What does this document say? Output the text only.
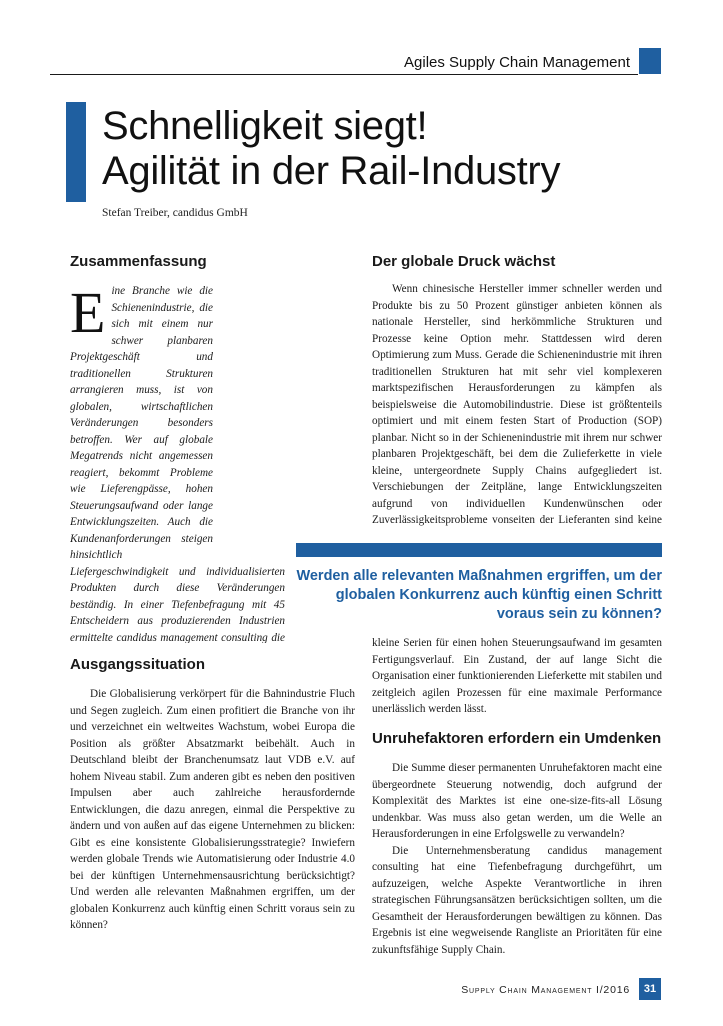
Agiles Supply Chain Management
Schnelligkeit siegt!
Agilität in der Rail-Industry
Stefan Treiber, candidus GmbH
Zusammenfassung

Eine Branche wie die Schienenindustrie, die sich mit einem nur schwer planbaren Projektgeschäft und traditionellen Strukturen arrangieren muss, ist von globalen, wirtschaftlichen Veränderungen besonders betroffen. Wer auf globale Megatrends nicht angemessen reagiert, bekommt Probleme wie Lieferengpässe, hohen Steuerungsaufwand oder lange Entwicklungszeiten. Auch die Kundenanforderungen steigen hinsichtlich Liefergeschwindigkeit und individualisierten Produkten durch diese Veränderungen beständig. In einer Tiefenbefragung mit 45 Entscheidern aus produzierenden Industrien ermittelte candidus management consulting die

Ausgangssituation

Die Globalisierung verkörpert für die Bahnindustrie Fluch und Segen zugleich. Zum einen profitiert die Branche von ihr und verzeichnet ein weltweites Wachstum, wobei Europa die Position als größter Absatzmarkt beibehält. Auch in Deutschland bleibt der Branchenumsatz laut VDB e.V. auf hohem Niveau stabil. Zum anderen gibt es neben den positiven Impulsen aber auch zahlreiche herausfordernde Entwicklungen, die dazu anregen, einmal die Perspektive zu ändern und von außen auf das eigene Unternehmen zu blicken: Gibt es eine konsistente Globalisierungsstrategie? Inwiefern werden globale Trends wie Automatisierung oder Industrie 4.0 bei der künftigen Unternehmensausrichtung berücksichtigt? Und werden alle relevanten Maßnahmen ergriffen, um der globalen Konkurrenz auch künftig einen Schritt voraus sein zu können?

Der globale Druck wächst

Wenn chinesische Hersteller immer schneller werden und Produkte bis zu 50 Prozent günstiger anbieten können als nationale Hersteller, sind herkömmliche Strukturen und Prozesse keine Option mehr. Stattdessen wird deren Optimierung zum Muss. Gerade die Schienenindustrie mit ihren traditionellen Strukturen hat mit sehr viel komplexeren marktspezifischen Herausforderungen zu kämpfen als beispielsweise die Automobilindustrie. Diese ist größtenteils optimiert und mit einem festen Start of Production (SOP) planbar. Nicht so in der Schienenindustrie mit ihrem nur schwer planbaren Projektgeschäft, bei dem die Zulieferkette in viele kleine, untergeordnete Supply Chains aufgegliedert ist. Verschiebungen der Zeitpläne, lange Entwicklungszeiten aufgrund von individuellen Kundenwünschen oder Zuverlässigkeitsprobleme vonseiten der Lieferanten sind keine

Werden alle relevanten Maßnahmen ergriffen, um der globalen Konkurrenz auch künftig einen Schritt voraus sein zu können?

kleine Serien für einen hohen Steuerungsaufwand im gesamten Fertigungsverlauf. Ein Zustand, der auf lange Sicht die Organisation einer funktionierenden Lieferkette mit stabilen und zeitgleich agilen Prozessen für eine maximale Performance unerlässlich werden lässt.

Unruhefaktoren erfordern ein Umdenken

Die Summe dieser permanenten Unruhefaktoren macht eine übergeordnete Steuerung notwendig, doch aufgrund der Komplexität des Marktes ist eine one-size-fits-all Lösung undenkbar. Was muss also getan werden, um die Welle an Herausforderungen in eine Erfolgswelle zu verwandeln?

Die Unternehmensberatung candidus management consulting hat eine Tiefenbefragung durchgeführt, um aufzuzeigen, welche Aspekte Verantwortliche in ihren strategischen Führungsansätzen berücksichtigen sollten, um die Gesamtheit der Herausforderungen bewältigen zu können. Das Ergebnis ist eine wegweisende Rangliste an Prioritäten für eine zukunftsfähige Supply Chain.

Supply Chain Management I/2016	31
